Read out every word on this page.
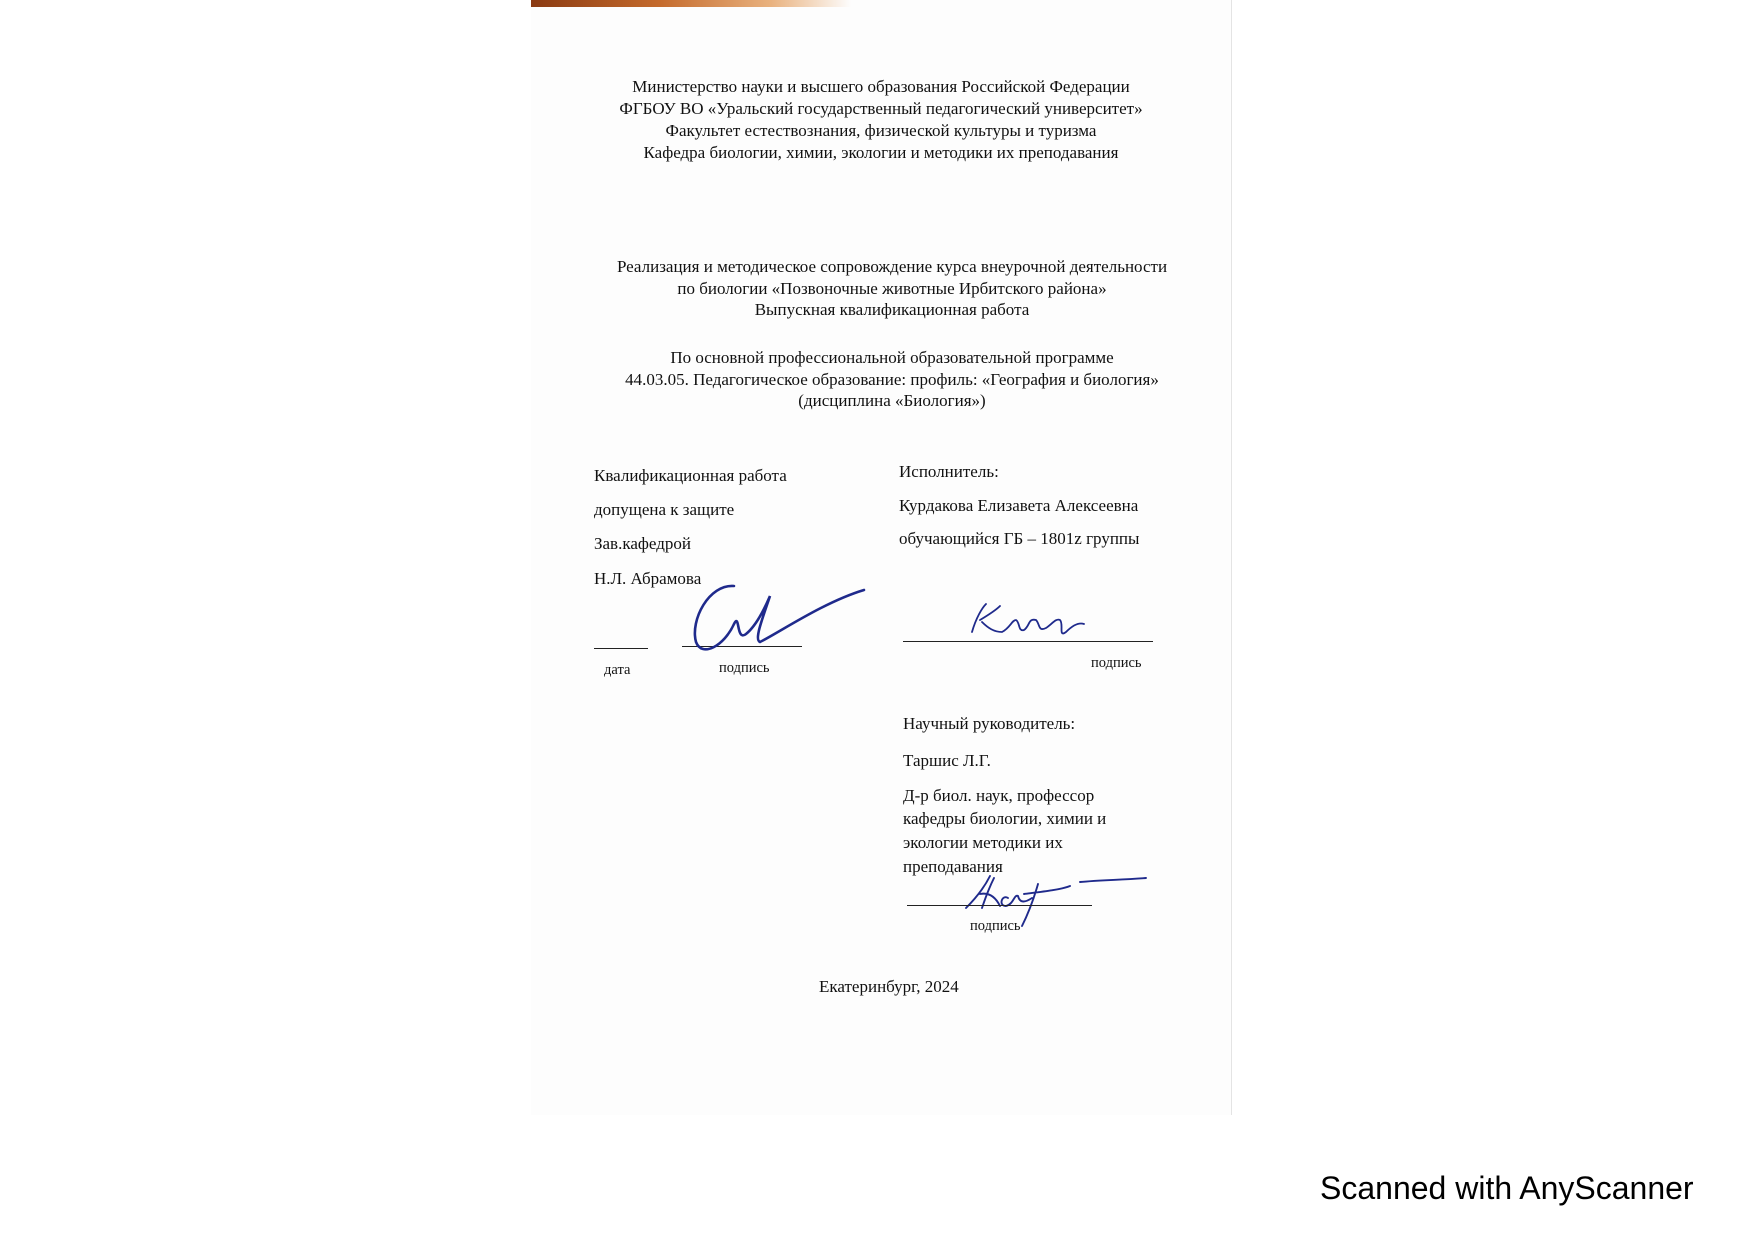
Министерство науки и высшего образования Российской Федерации
ФГБОУ ВО «Уральский государственный педагогический университет»
Факультет естествознания, физической культуры и туризма
Кафедра биологии, химии, экологии и методики их преподавания
Реализация и методическое сопровождение курса внеурочной деятельности
по биологии «Позвоночные животные Ирбитского района»
Выпускная квалификационная работа
По основной профессиональной образовательной программе
44.03.05. Педагогическое образование: профиль: «География и биология»
(дисциплина «Биология»)
Квалификационная работа
допущена к защите
Зав.кафедрой
Н.Л. Абрамова
дата	подпись
Исполнитель:
Курдакова Елизавета Алексеевна
обучающийся ГБ – 1801z группы
подпись
Научный руководитель:
Таршис Л.Г.
Д-р биол. наук, профессор
кафедры биологии, химии и
экологии методики их
преподавания
подпись
Екатеринбург, 2024
Scanned with AnyScanner
